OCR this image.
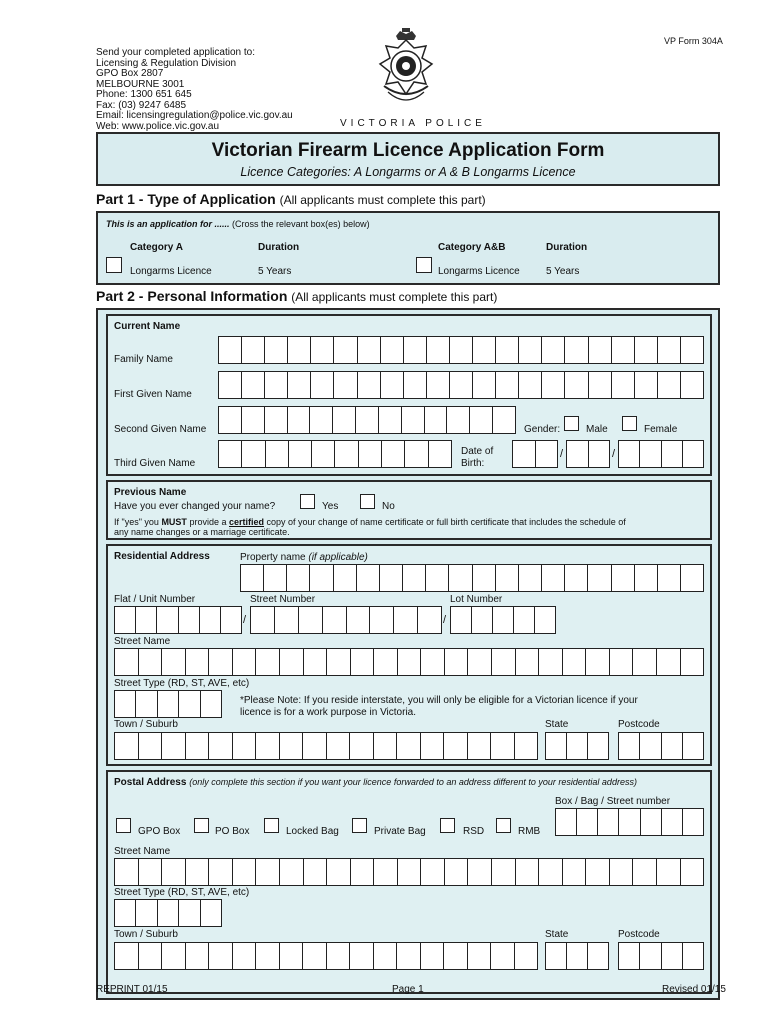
VP Form 304A
Send your completed application to:
Licensing & Regulation Division
GPO Box 2807
MELBOURNE 3001
Phone: 1300 651 645
Fax: (03) 9247 6485
Email: licensingregulation@police.vic.gov.au
Web: www.police.vic.gov.au	VICTORIA POLICE
Victorian Firearm Licence Application Form
Licence Categories: A Longarms or A & B Longarms Licence
Part 1 - Type of Application (All applicants must complete this part)
This is an application for ...... (Cross the relevant box(es) below)
Category A	Duration	Category A&B	Duration
Longarms Licence	5 Years	Longarms Licence	5 Years
Part 2 - Personal Information (All applicants must complete this part)
Current Name
Family Name
First Given Name
Second Given Name	Gender:	Male	Female
Third Given Name
Date of
Birth:
/	/
Previous Name
Have you ever changed your name?	Yes	No
If "yes" you MUST provide a certified copy of your change of name certificate or full birth certificate that includes the schedule of
any name changes or a marriage certificate.
Residential Address	Property name (if applicable)
Flat / Unit Number	Street Number	Lot Number
/	/
Street Name
Street Type (RD, ST, AVE, etc)
*Please Note: If you reside interstate, you will only be eligible for a Victorian licence if your
licence is for a work purpose in Victoria.
Town / Suburb	State	Postcode
Postal Address (only complete this section if you want your licence forwarded to an address different to your residential address)
Box / Bag / Street number
GPO Box	PO Box	Locked Bag	Private Bag	RSD	RMB
Street Name
Street Type (RD, ST, AVE, etc)
Town / Suburb	State	Postcode
REPRINT 01/15	Page 1	Revised 01/15
